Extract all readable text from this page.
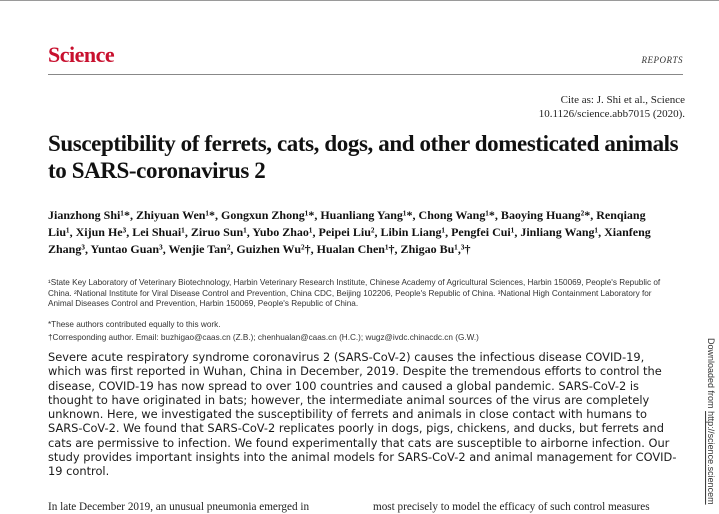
Science	REPORTS
Cite as: J. Shi et al., Science
10.1126/science.abb7015 (2020).
Susceptibility of ferrets, cats, dogs, and other domesticated animals to SARS-coronavirus 2
Jianzhong Shi¹*, Zhiyuan Wen¹*, Gongxun Zhong¹*, Huanliang Yang¹*, Chong Wang¹*, Baoying Huang²*, Renqiang Liu¹, Xijun He³, Lei Shuai¹, Ziruo Sun¹, Yubo Zhao¹, Peipei Liu², Libin Liang¹, Pengfei Cui¹, Jinliang Wang¹, Xianfeng Zhang³, Yuntao Guan³, Wenjie Tan², Guizhen Wu²†, Hualan Chen¹†, Zhigao Bu¹,³†
¹State Key Laboratory of Veterinary Biotechnology, Harbin Veterinary Research Institute, Chinese Academy of Agricultural Sciences, Harbin 150069, People's Republic of China. ²National Institute for Viral Disease Control and Prevention, China CDC, Beijing 102206, People's Republic of China. ³National High Containment Laboratory for Animal Diseases Control and Prevention, Harbin 150069, People's Republic of China.
*These authors contributed equally to this work.
†Corresponding author. Email: buzhigao@caas.cn (Z.B.); chenhualan@caas.cn (H.C.); wugz@ivdc.chinacdc.cn (G.W.)
Severe acute respiratory syndrome coronavirus 2 (SARS-CoV-2) causes the infectious disease COVID-19, which was first reported in Wuhan, China in December, 2019. Despite the tremendous efforts to control the disease, COVID-19 has now spread to over 100 countries and caused a global pandemic. SARS-CoV-2 is thought to have originated in bats; however, the intermediate animal sources of the virus are completely unknown. Here, we investigated the susceptibility of ferrets and animals in close contact with humans to SARS-CoV-2. We found that SARS-CoV-2 replicates poorly in dogs, pigs, chickens, and ducks, but ferrets and cats are permissive to infection. We found experimentally that cats are susceptible to airborne infection. Our study provides important insights into the animal models for SARS-CoV-2 and animal management for COVID-19 control.
In late December 2019, an unusual pneumonia emerged in	most precisely to model the efficacy of such control measures
Downloaded from http://science.sciencem
